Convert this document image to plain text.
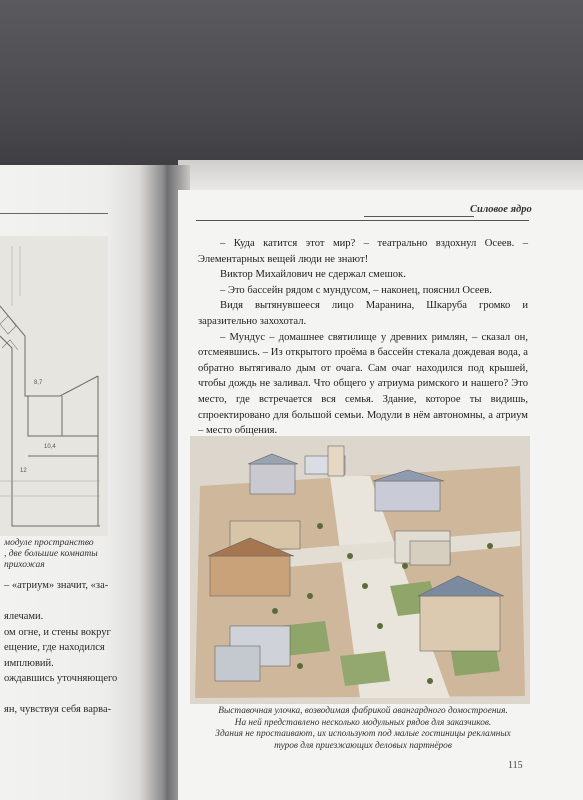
8,7
10,4
12
модуле пространство
, две большие комнаты
прихожая

– «атриум» значит, «за-

ялечами.

ом огне, и стены вокруг

ещение, где находился

имплювий.

ождавшись уточняющего

ян, чувствуя себя варва-

Силовое ядро

– Куда катится этот мир? – театрально вздохнул Осеев. – Элементарных вещей люди не знают!

Виктор Михайлович не сдержал смешок.

– Это бассейн рядом с мундусом, – наконец, пояснил Осеев.

Видя вытянувшееся лицо Маранина, Шкаруба громко и заразительно захохотал.

– Мундус – домашнее святилище у древних римлян, – сказал он, отсмеявшись. – Из открытого проёма в бассейн стекала дождевая вода, а обратно вытягивало дым от очага. Сам очаг находился под крышей, чтобы дождь не заливал. Что общего у атриума римского и нашего? Это место, где встречается вся семья. Здание, которое ты видишь, спроектировано для большой семьи. Модули в нём автономны, а атриум – место общения.

Выставочная улочка, возводимая фабрикой авангардного домостроения.
На ней представлено несколько модульных рядов для заказчиков.
Здания не простаивают, их используют под малые гостиницы рекламных
туров для приезжающих деловых партнёров
115
